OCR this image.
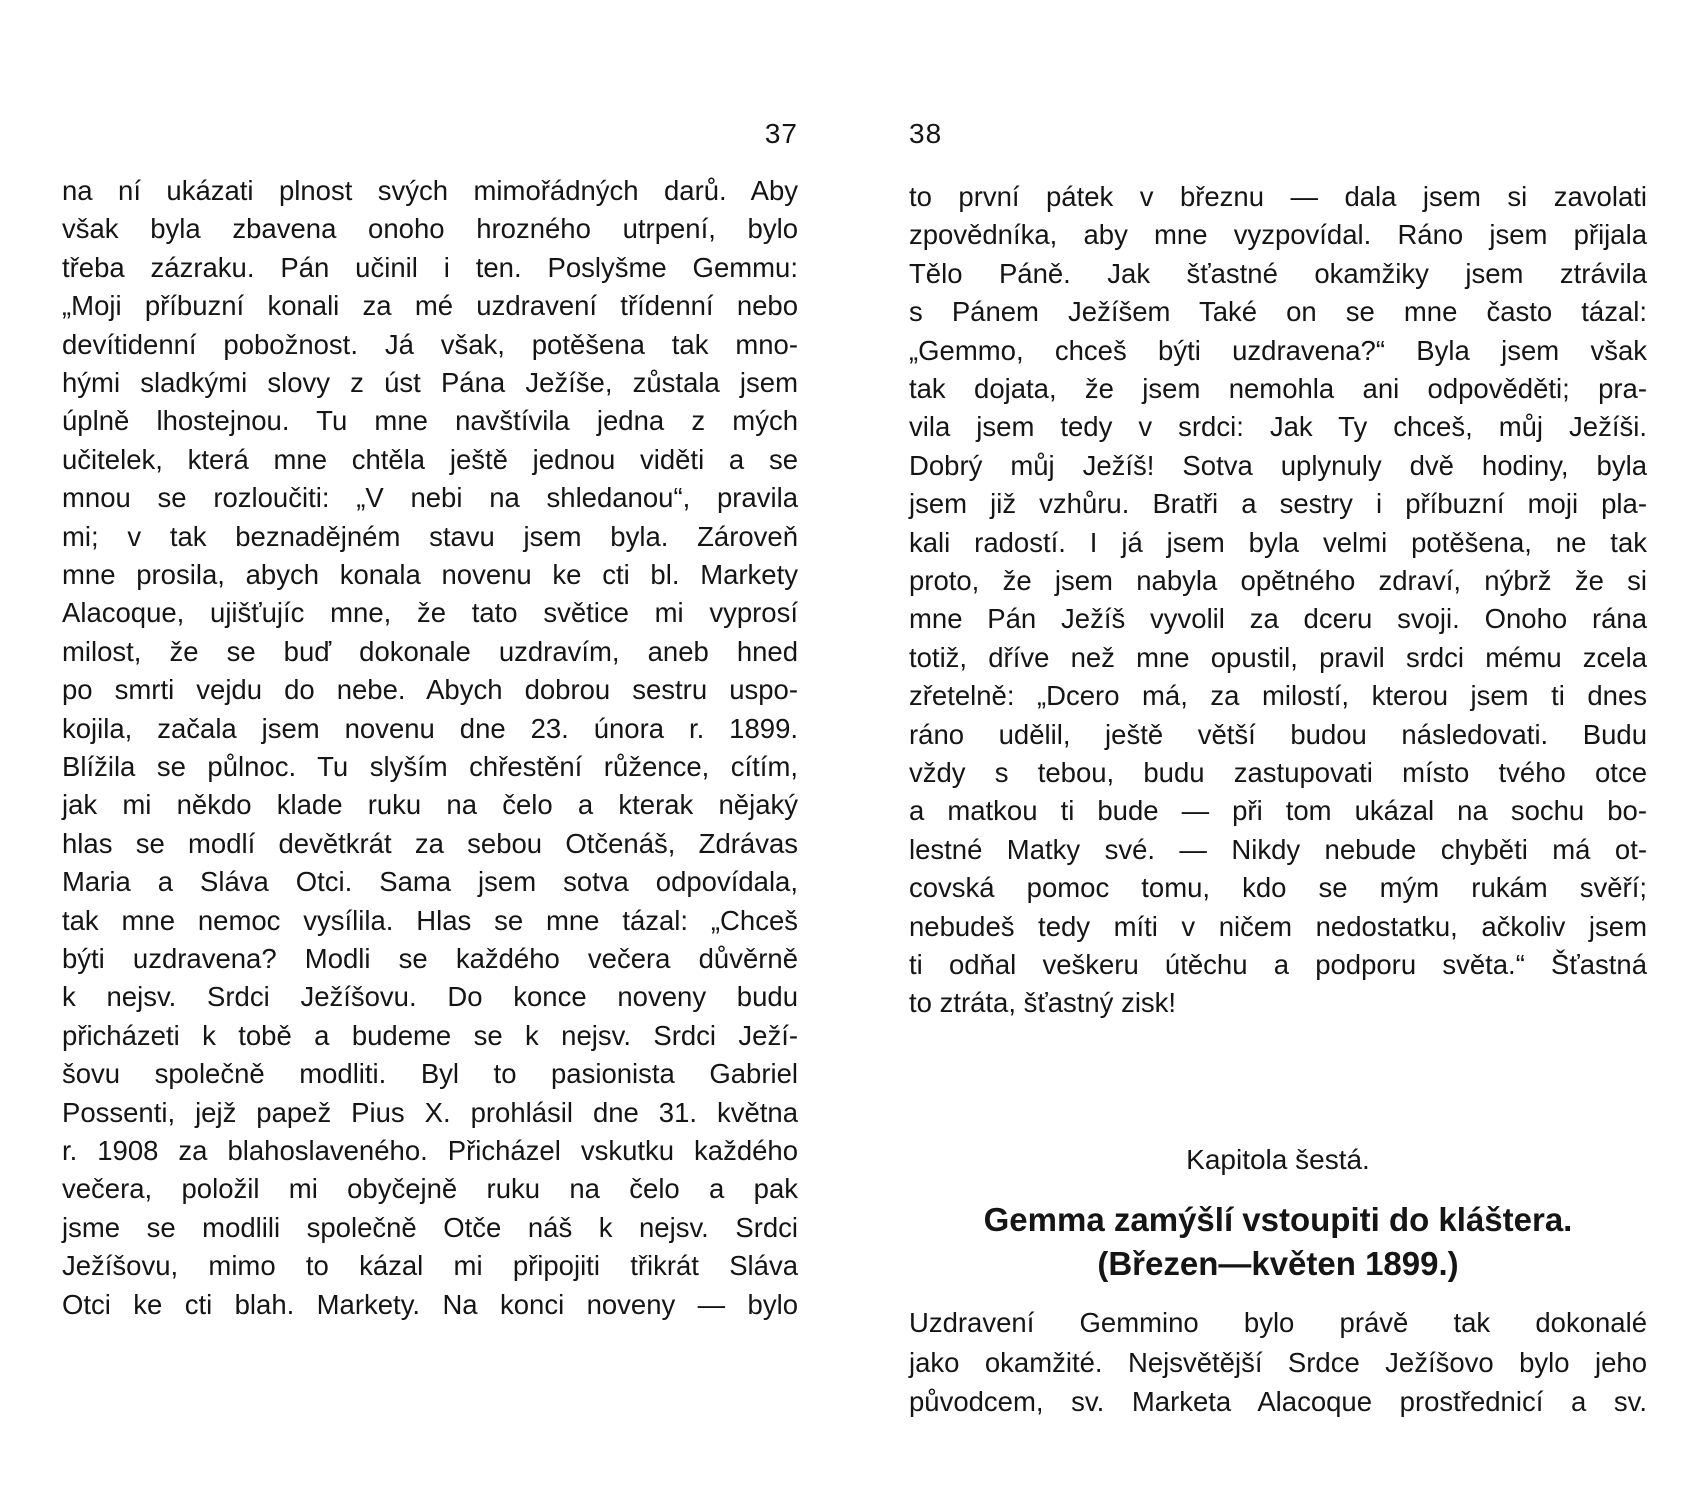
37
na ní ukázati plnost svých mimořádných darů. Aby
však byla zbavena onoho hrozného utrpení, bylo
třeba zázraku. Pán učinil i ten. Poslyšme Gemmu:
„Moji příbuzní konali za mé uzdravení třídenní nebo
devítidenní pobožnost. Já však, potěšena tak mno-
hými sladkými slovy z úst Pána Ježíše, zůstala jsem
úplně lhostejnou. Tu mne navštívila jedna z mých
učitelek, která mne chtěla ještě jednou viděti a se
mnou se rozloučiti: „V nebi na shledanou“, pravila
mi; v tak beznadějném stavu jsem byla. Zároveň
mne prosila, abych konala novenu ke cti bl. Markety
Alacoque, ujišťujíc mne, že tato světice mi vyprosí
milost, že se buď dokonale uzdravím, aneb hned
po smrti vejdu do nebe. Abych dobrou sestru uspo-
kojila, začala jsem novenu dne 23. února r. 1899.
Blížila se půlnoc. Tu slyším chřestění růžence, cítím,
jak mi někdo klade ruku na čelo a kterak nějaký
hlas se modlí devětkrát za sebou Otčenáš, Zdrávas
Maria a Sláva Otci. Sama jsem sotva odpovídala,
tak mne nemoc vysílila. Hlas se mne tázal: „Chceš
býti uzdravena? Modli se každého večera důvěrně
k nejsv. Srdci Ježíšovu. Do konce noveny budu
přicházeti k tobě a budeme se k nejsv. Srdci Ježí-
šovu společně modliti. Byl to pasionista Gabriel
Possenti, jejž papež Pius X. prohlásil dne 31. května
r. 1908 za blahoslaveného. Přicházel vskutku každého
večera, položil mi obyčejně ruku na čelo a pak
jsme se modlili společně Otče náš k nejsv. Srdci
Ježíšovu, mimo to kázal mi připojiti třikrát Sláva
Otci ke cti blah. Markety. Na konci noveny — bylo
38
to první pátek v březnu — dala jsem si zavolati
zpovědníka, aby mne vyzpovídal. Ráno jsem přijala
Tělo Páně. Jak šťastné okamžiky jsem ztrávila
s Pánem Ježíšem Také on se mne často tázal:
„Gemmo, chceš býti uzdravena?“ Byla jsem však
tak dojata, že jsem nemohla ani odpověděti; pra-
vila jsem tedy v srdci: Jak Ty chceš, můj Ježíši.
Dobrý můj Ježíš! Sotva uplynuly dvě hodiny, byla
jsem již vzhůru. Bratři a sestry i příbuzní moji pla-
kali radostí. I já jsem byla velmi potěšena, ne tak
proto, že jsem nabyla opětného zdraví, nýbrž že si
mne Pán Ježíš vyvolil za dceru svoji. Onoho rána
totiž, dříve než mne opustil, pravil srdci mému zcela
zřetelně: „Dcero má, za milostí, kterou jsem ti dnes
ráno udělil, ještě větší budou následovati. Budu
vždy s tebou, budu zastupovati místo tvého otce
a matkou ti bude — při tom ukázal na sochu bo-
lestné Matky své. — Nikdy nebude chyběti má ot-
covská pomoc tomu, kdo se mým rukám svěří;
nebudeš tedy míti v ničem nedostatku, ačkoliv jsem
ti odňal veškeru útěchu a podporu světa.“ Šťastná
to ztráta, šťastný zisk!
Kapitola šestá.
Gemma zamýšlí vstoupiti do kláštera.
(Březen—květen 1899.)
Uzdravení Gemmino bylo právě tak dokonalé
jako okamžité. Nejsvětější Srdce Ježíšovo bylo jeho
původcem, sv. Marketa Alacoque prostřednicí a sv.
